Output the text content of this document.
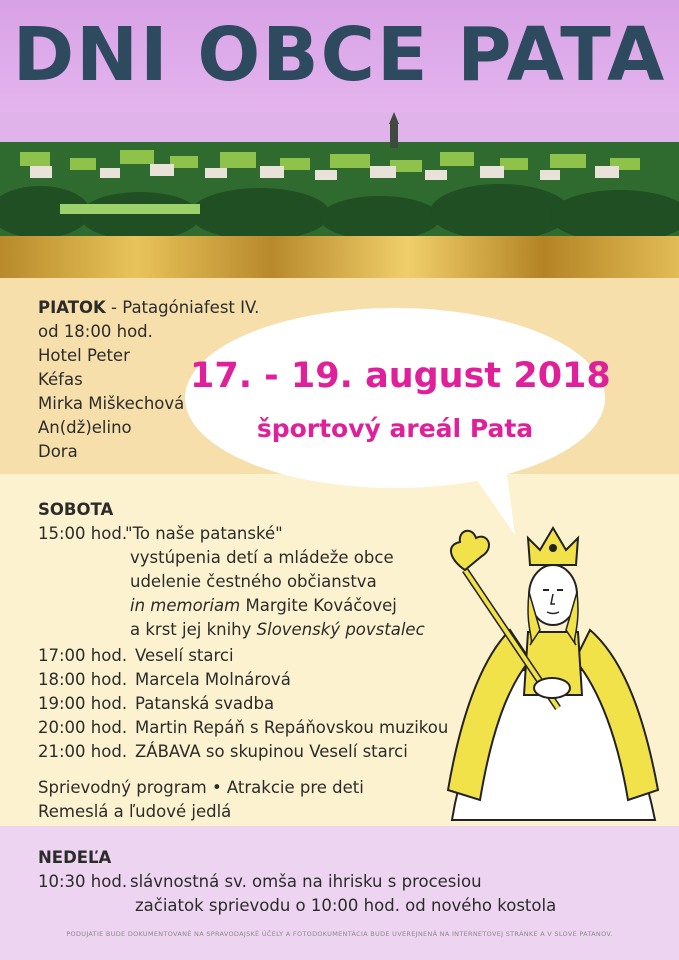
DNI OBCE PATA
17. - 19. august 2018
športový areál Pata
PIATOK - Patagóniafest IV.
od 18:00 hod.
Hotel Peter
Kéfas
Mirka Miškechová
An(dž)elino
Dora
SOBOTA
15:00 hod.
"To naše patanské"
vystúpenia detí a mládeže obce
udelenie čestného občianstva
in memoriam Margite Kováčovej
a krst jej knihy Slovenský povstalec
17:00 hod. Veselí starci
18:00 hod. Marcela Molnárová
19:00 hod. Patanská svadba
20:00 hod. Martin Repáň s Repáňovskou muzikou
21:00 hod. ZÁBAVA so skupinou Veselí starci
Sprievodný program • Atrakcie pre deti
Remeslá a ľudové jedlá
NEDEĽA
10:30 hod. slávnostná sv. omša na ihrisku s procesiou
začiatok sprievodu o 10:00 hod. od nového kostola
PODUJATIE BUDE DOKUMENTOVANÉ NA SPRAVODAJSKÉ ÚČELY A FOTODOKUMENTÁCIA BUDE UVEREJNENÁ NA INTERNETOVEJ STRÁNKE A V SLOVE PATANOV.
